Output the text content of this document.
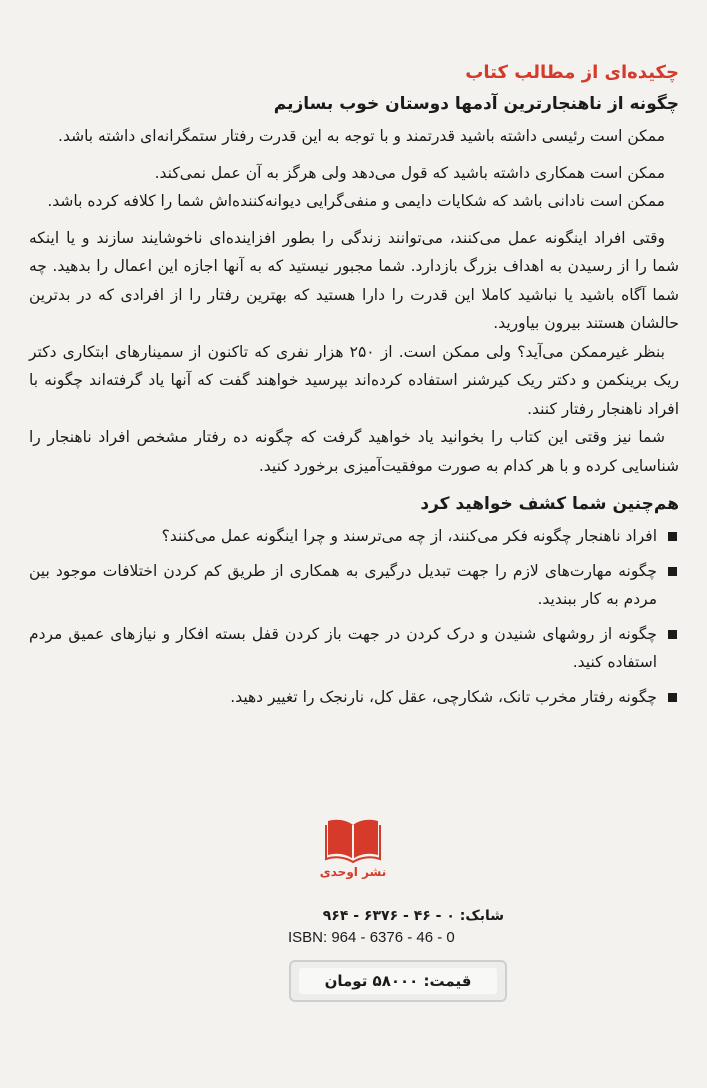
چکیده‌ای از مطالب کتاب
چگونه از ناهنجارترین آدمها دوستان خوب بسازیم

ممکن است رئیسی داشته باشید قدرتمند و با توجه به این قدرت رفتار ستمگرانه‌ای داشته باشد.

ممکن است همکاری داشته باشید که قول می‌دهد ولی هرگز به آن عمل نمی‌کند.

ممکن است نادانی باشد که شکایات دایمی و منفی‌گرایی دیوانه‌کننده‌اش شما را کلافه کرده باشد.

وقتی افراد اینگونه عمل می‌کنند، می‌توانند زندگی را بطور افزاینده‌ای ناخوشایند سازند و یا اینکه شما را از رسیدن به اهداف بزرگ بازدارد. شما مجبور نیستید که به آنها اجازه این اعمال را بدهید. چه شما آگاه باشید یا نباشید کاملا این قدرت را دارا هستید که بهترین رفتار را از افرادی که در بدترین حالشان هستند بیرون بیاورید.

بنظر غیرممکن می‌آید؟ ولی ممکن است. از ۲۵۰ هزار نفری که تاکنون از سمینارهای ابتکاری دکتر ریک برینکمن و دکتر ریک کیرشنر استفاده کرده‌اند بپرسید خواهند گفت که آنها یاد گرفته‌اند چگونه با افراد ناهنجار رفتار کنند.

شما نیز وقتی این کتاب را بخوانید یاد خواهید گرفت که چگونه ده رفتار مشخص افراد ناهنجار را شناسایی کرده و با هر کدام به صورت موفقیت‌آمیزی برخورد کنید.

هم‌چنین شما کشف خواهید کرد
افراد ناهنجار چگونه فکر می‌کنند، از چه می‌ترسند و چرا اینگونه عمل می‌کنند؟
چگونه مهارت‌های لازم را جهت تبدیل درگیری به همکاری از طریق کم کردن اختلافات موجود بین مردم به کار ببندید.
چگونه از روشهای شنیدن و درک کردن در جهت باز کردن قفل بسته افکار و نیازهای عمیق مردم استفاده کنید.
چگونه رفتار مخرب تانک، شکارچی، عقل کل، نارنجک را تغییر دهید.
نشر اوحدی
شابک: ۰ - ۴۶ - ۶۳۷۶ - ۹۶۴
ISBN: 964 - 6376 - 46 - 0
قیمت: ۵۸۰۰۰ تومان
